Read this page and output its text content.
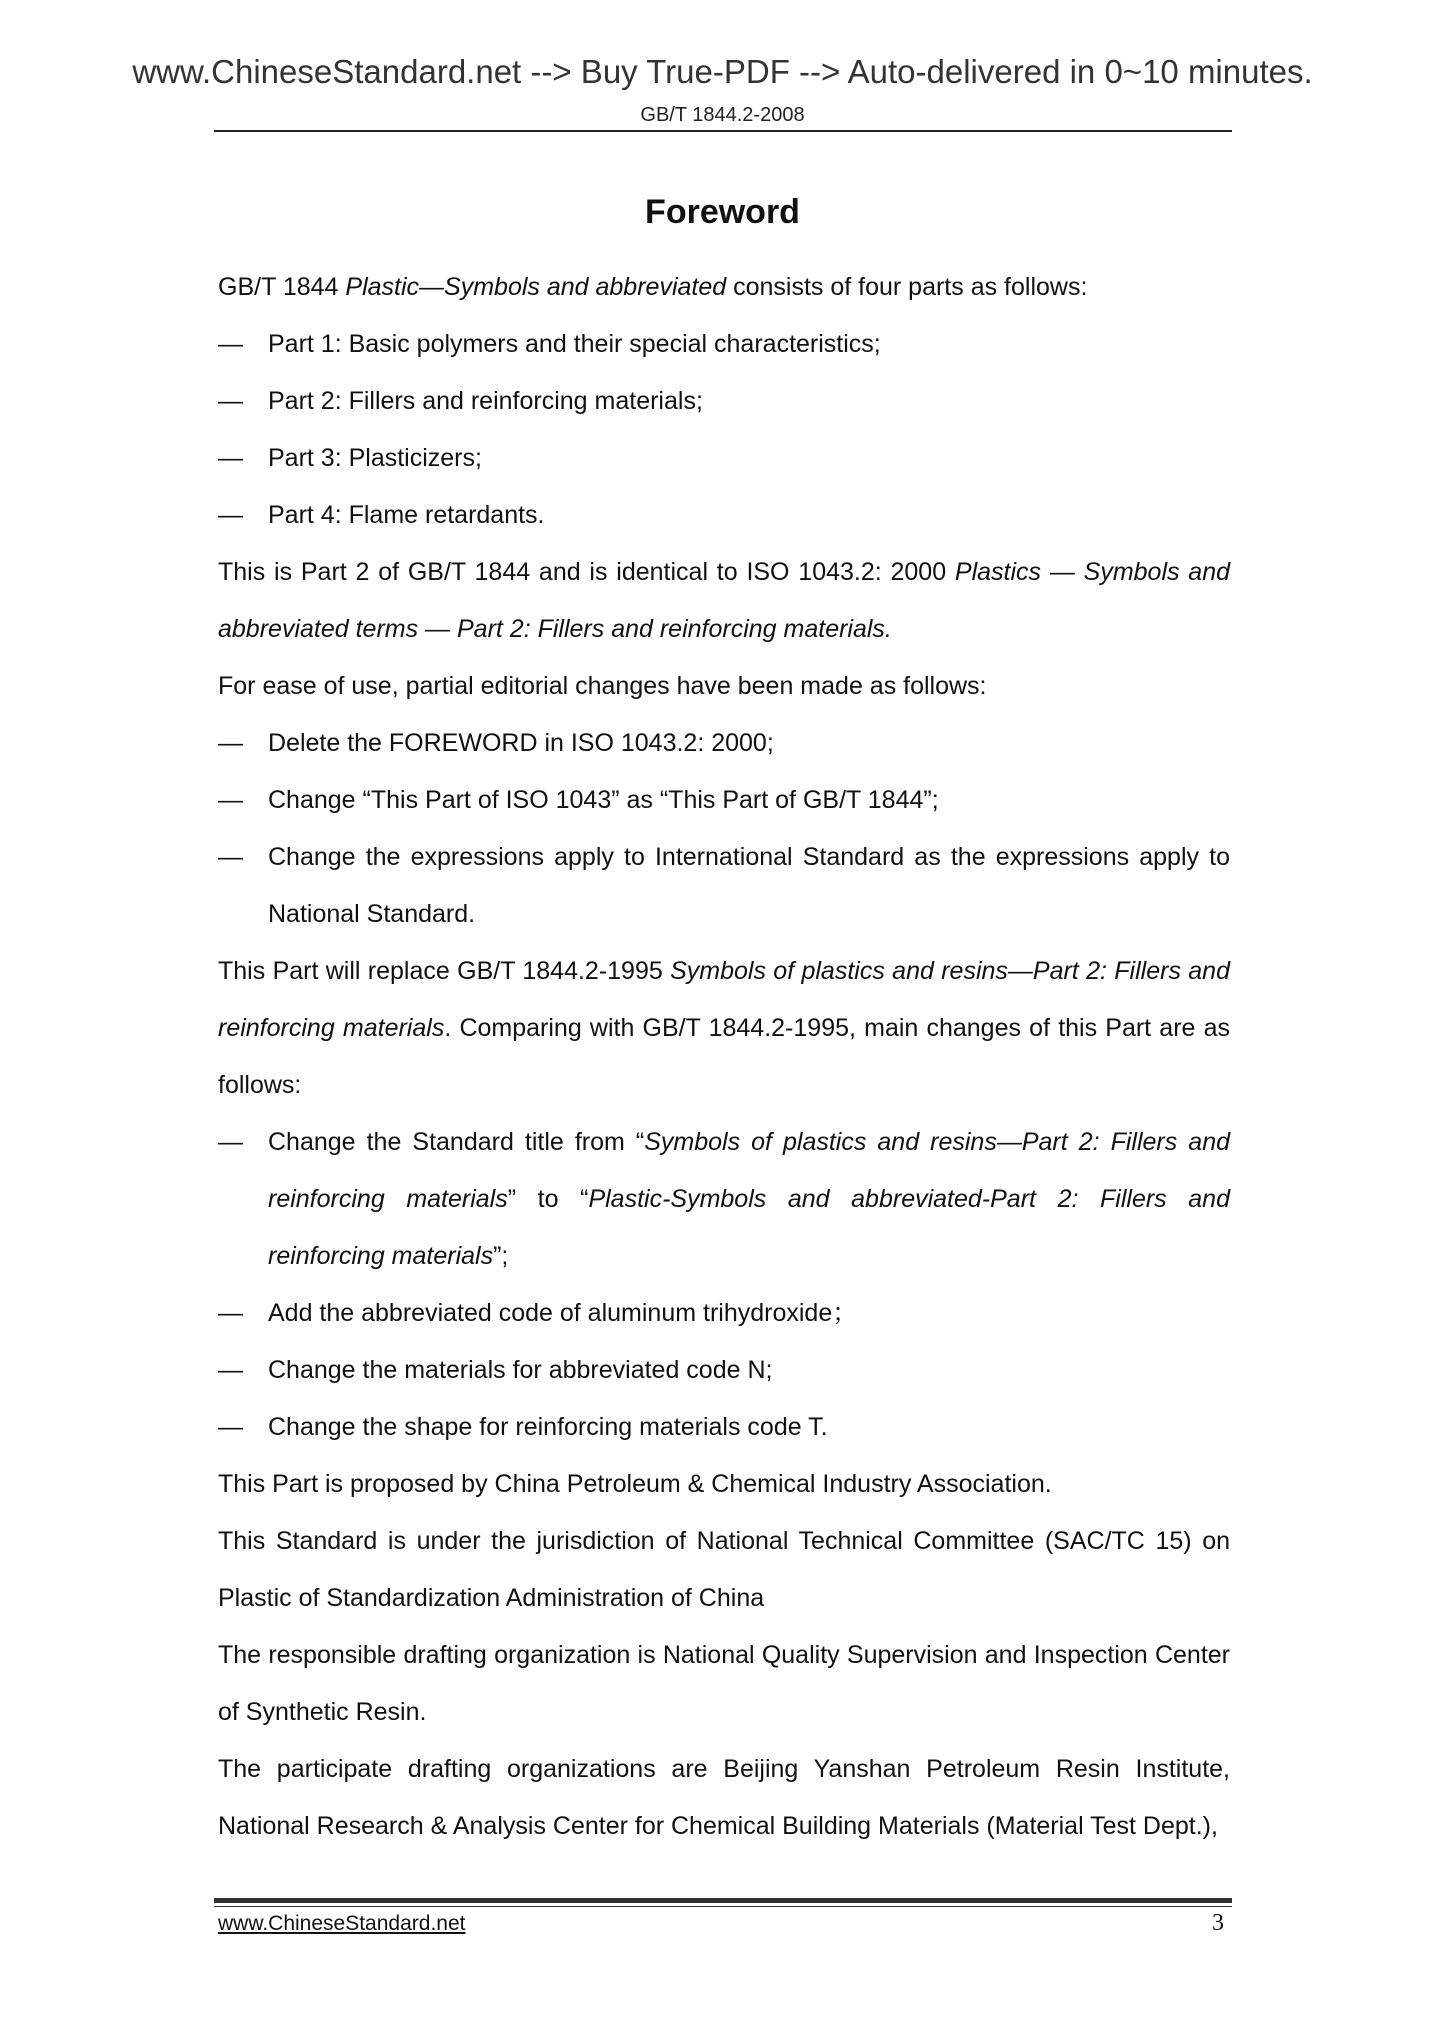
www.ChineseStandard.net --> Buy True-PDF --> Auto-delivered in 0~10 minutes.
GB/T 1844.2-2008
Foreword
GB/T 1844 Plastic—Symbols and abbreviated consists of four parts as follows:
—	Part 1: Basic polymers and their special characteristics;
—	Part 2: Fillers and reinforcing materials;
—	Part 3: Plasticizers;
—	Part 4: Flame retardants.
This is Part 2 of GB/T 1844 and is identical to ISO 1043.2: 2000 Plastics — Symbols and abbreviated terms — Part 2: Fillers and reinforcing materials.
For ease of use, partial editorial changes have been made as follows:
—	Delete the FOREWORD in ISO 1043.2: 2000;
—	Change “This Part of ISO 1043” as “This Part of GB/T 1844”;
—	Change the expressions apply to International Standard as the expressions apply to National Standard.
This Part will replace GB/T 1844.2-1995 Symbols of plastics and resins—Part 2: Fillers and reinforcing materials. Comparing with GB/T 1844.2-1995, main changes of this Part are as follows:
—	Change the Standard title from “Symbols of plastics and resins—Part 2: Fillers and reinforcing materials” to “Plastic-Symbols and abbreviated-Part 2: Fillers and reinforcing materials”;
—	Add the abbreviated code of aluminum trihydroxide；
—	Change the materials for abbreviated code N;
—	Change the shape for reinforcing materials code T.
This Part is proposed by China Petroleum & Chemical Industry Association.
This Standard is under the jurisdiction of National Technical Committee (SAC/TC 15) on Plastic of Standardization Administration of China
The responsible drafting organization is National Quality Supervision and Inspection Center of Synthetic Resin.
The participate drafting organizations are Beijing Yanshan Petroleum Resin Institute, National Research & Analysis Center for Chemical Building Materials (Material Test Dept.),
www.ChineseStandard.net	3
